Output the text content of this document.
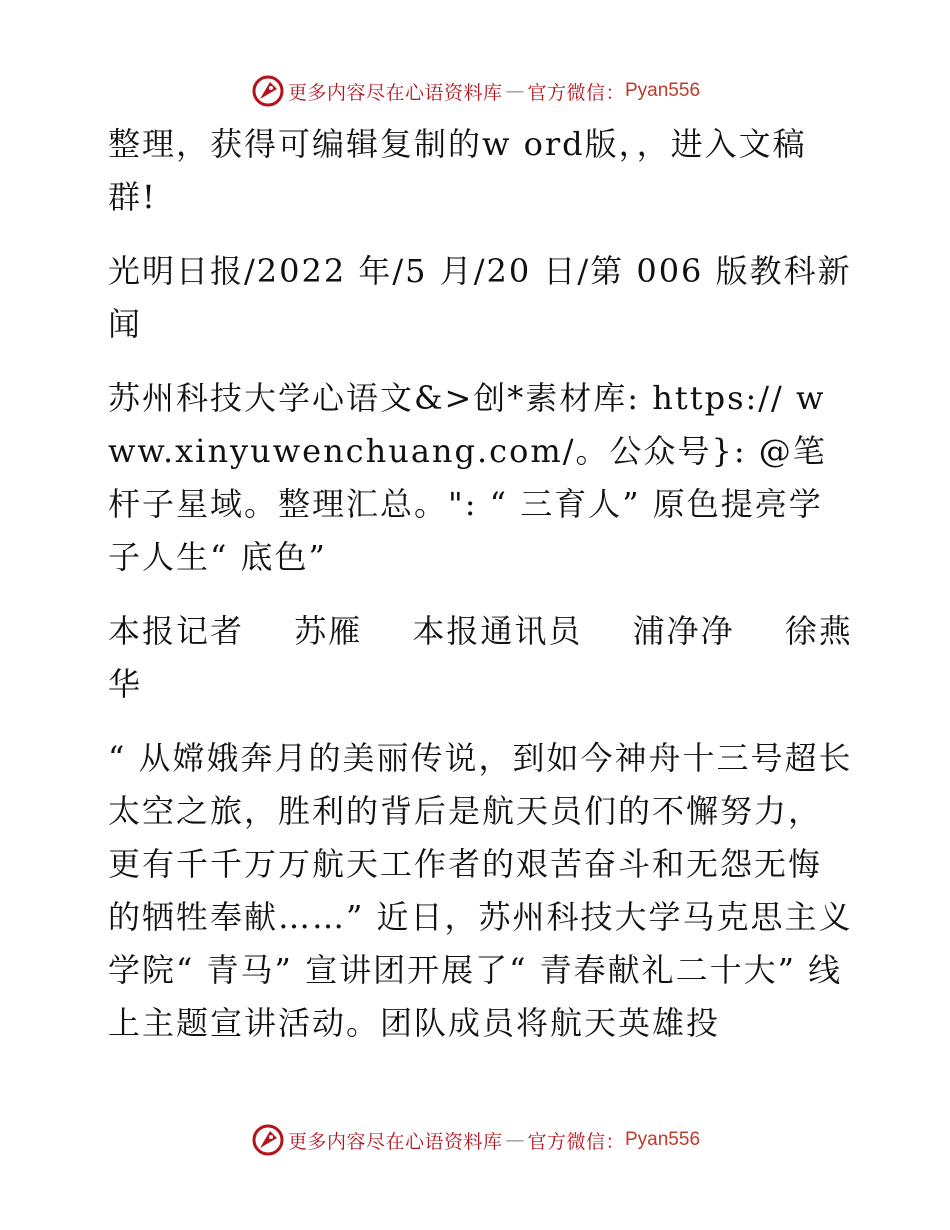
更多内容尽在心语资料库 — 官方微信： Pyan556

整理，获得可编辑复制的w ord版，，进入文稿群!

光明日报/2022 年/5 月/20 日/第 006 版教科新闻

苏州科技大学心语文&>创*素材库: https:// www.xinyuwenchuang.com/。公众号}: @笔杆子星域。整理汇总。": “ 三育人” 原色提亮学子人生“ 底色”

本报记者 苏雁 本报通讯员 浦净净 徐燕华

“ 从嫦娥奔月的美丽传说，到如今神舟十三号超长太空之旅，胜利的背后是航天员们的不懈努力，更有千千万万航天工作者的艰苦奋斗和无怨无悔的牺牲奉献……” 近日，苏州科技大学马克思主义学院“ 青马” 宣讲团开展了“ 青春献礼二十大” 线上主题宣讲活动。团队成员将航天英雄投

更多内容尽在心语资料库 — 官方微信： Pyan556
